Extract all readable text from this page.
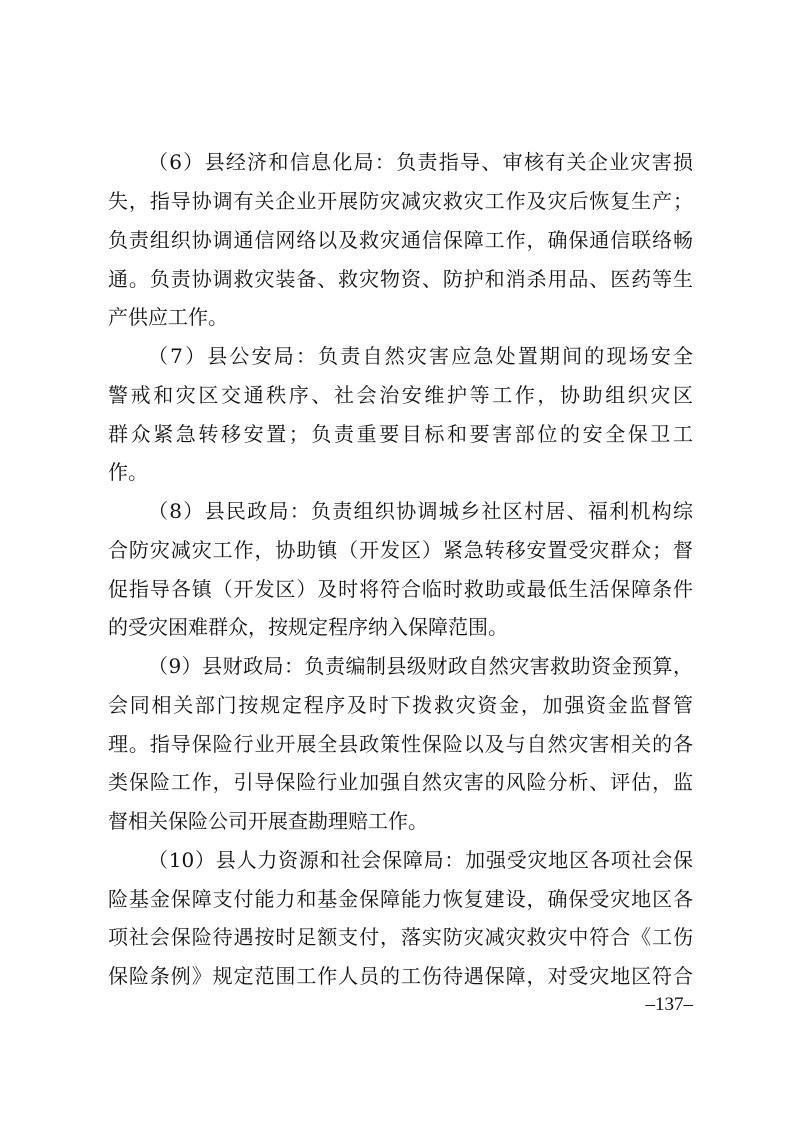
（6）县经济和信息化局：负责指导、审核有关企业灾害损
失，指导协调有关企业开展防灾减灾救灾工作及灾后恢复生产；
负责组织协调通信网络以及救灾通信保障工作，确保通信联络畅
通。负责协调救灾装备、救灾物资、防护和消杀用品、医药等生
产供应工作。
（7）县公安局：负责自然灾害应急处置期间的现场安全
警戒和灾区交通秩序、社会治安维护等工作，协助组织灾区
群众紧急转移安置；负责重要目标和要害部位的安全保卫工
作。
（8）县民政局：负责组织协调城乡社区村居、福利机构综
合防灾减灾工作，协助镇（开发区）紧急转移安置受灾群众；督
促指导各镇（开发区）及时将符合临时救助或最低生活保障条件
的受灾困难群众，按规定程序纳入保障范围。
（9）县财政局：负责编制县级财政自然灾害救助资金预算，
会同相关部门按规定程序及时下拨救灾资金，加强资金监督管
理。指导保险行业开展全县政策性保险以及与自然灾害相关的各
类保险工作，引导保险行业加强自然灾害的风险分析、评估，监
督相关保险公司开展查勘理赔工作。
（10）县人力资源和社会保障局：加强受灾地区各项社会保
险基金保障支付能力和基金保障能力恢复建设，确保受灾地区各
项社会保险待遇按时足额支付，落实防灾减灾救灾中符合《工伤
保险条例》规定范围工作人员的工伤待遇保障，对受灾地区符合
–137–
